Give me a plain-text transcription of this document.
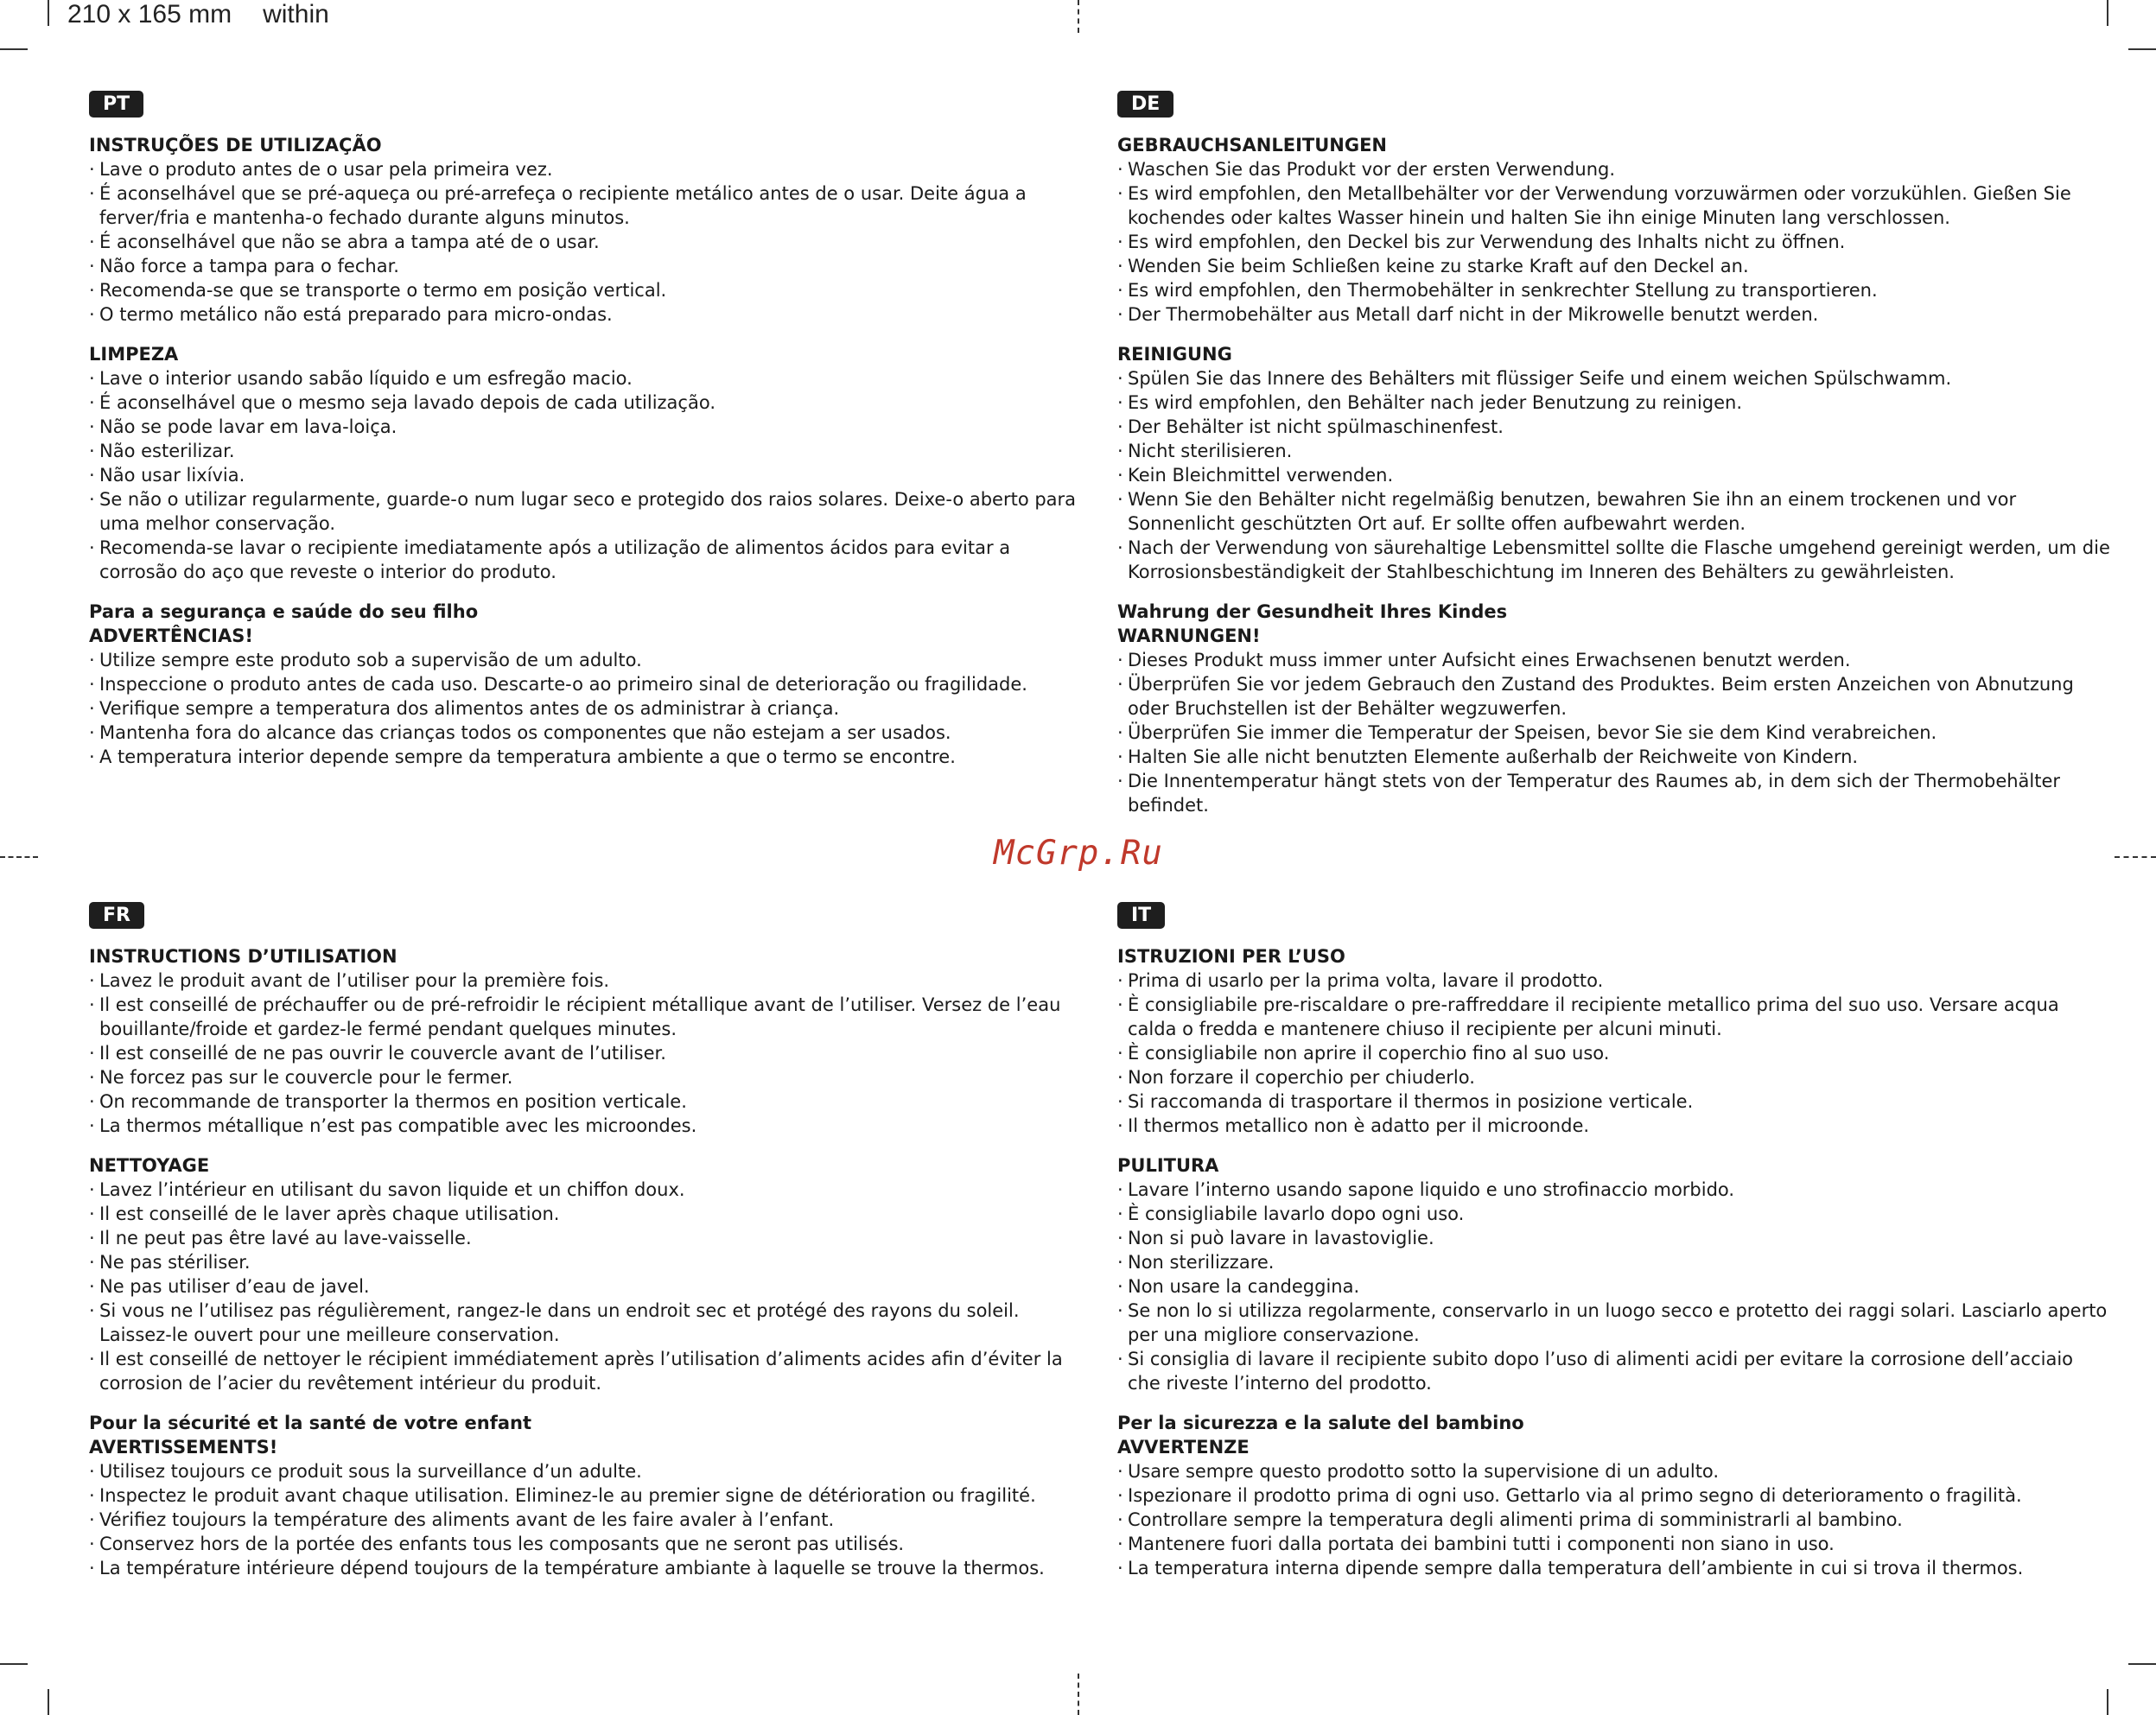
210 x 165 mm within
McGrp.Ru
PT

INSTRUÇÕES DE UTILIZAÇÃO

· Lave o produto antes de o usar pela primeira vez.
· É aconselhável que se pré-aqueça ou pré-arrefeça o recipiente metálico antes de o usar. Deite água a ferver/fria e mantenha-o fechado durante alguns minutos.
· É aconselhável que não se abra a tampa até de o usar.
· Não force a tampa para o fechar.
· Recomenda-se que se transporte o termo em posição vertical.
· O termo metálico não está preparado para micro-ondas.

LIMPEZA

· Lave o interior usando sabão líquido e um esfregão macio.
· É aconselhável que o mesmo seja lavado depois de cada utilização.
· Não se pode lavar em lava-loiça.
· Não esterilizar.
· Não usar lixívia.
· Se não o utilizar regularmente, guarde-o num lugar seco e protegido dos raios solares. Deixe-o aberto para uma melhor conservação.
· Recomenda-se lavar o recipiente imediatamente após a utilização de alimentos ácidos para evitar a corrosão do aço que reveste o interior do produto.

Para a segurança e saúde do seu filho

ADVERTÊNCIAS!

· Utilize sempre este produto sob a supervisão de um adulto.
· Inspeccione o produto antes de cada uso. Descarte-o ao primeiro sinal de deterioração ou fragilidade.
· Verifique sempre a temperatura dos alimentos antes de os administrar à criança.
· Mantenha fora do alcance das crianças todos os componentes que não estejam a ser usados.
· A temperatura interior depende sempre da temperatura ambiente a que o termo se encontre.
DE

GEBRAUCHSANLEITUNGEN

· Waschen Sie das Produkt vor der ersten Verwendung.
· Es wird empfohlen, den Metallbehälter vor der Verwendung vorzuwärmen oder vorzukühlen. Gießen Sie kochendes oder kaltes Wasser hinein und halten Sie ihn einige Minuten lang verschlossen.
· Es wird empfohlen, den Deckel bis zur Verwendung des Inhalts nicht zu öffnen.
· Wenden Sie beim Schließen keine zu starke Kraft auf den Deckel an.
· Es wird empfohlen, den Thermobehälter in senkrechter Stellung zu transportieren.
· Der Thermobehälter aus Metall darf nicht in der Mikrowelle benutzt werden.

REINIGUNG

· Spülen Sie das Innere des Behälters mit flüssiger Seife und einem weichen Spülschwamm.
· Es wird empfohlen, den Behälter nach jeder Benutzung zu reinigen.
· Der Behälter ist nicht spülmaschinenfest.
· Nicht sterilisieren.
· Kein Bleichmittel verwenden.
· Wenn Sie den Behälter nicht regelmäßig benutzen, bewahren Sie ihn an einem trockenen und vor Sonnenlicht geschützten Ort auf. Er sollte offen aufbewahrt werden.
· Nach der Verwendung von säurehaltige Lebensmittel sollte die Flasche umgehend gereinigt werden, um die Korrosionsbeständigkeit der Stahlbeschichtung im Inneren des Behälters zu gewährleisten.

Wahrung der Gesundheit Ihres Kindes

WARNUNGEN!

· Dieses Produkt muss immer unter Aufsicht eines Erwachsenen benutzt werden.
· Überprüfen Sie vor jedem Gebrauch den Zustand des Produktes. Beim ersten Anzeichen von Abnutzung oder Bruchstellen ist der Behälter wegzuwerfen.
· Überprüfen Sie immer die Temperatur der Speisen, bevor Sie sie dem Kind verabreichen.
· Halten Sie alle nicht benutzten Elemente außerhalb der Reichweite von Kindern.
· Die Innentemperatur hängt stets von der Temperatur des Raumes ab, in dem sich der Thermobehälter befindet.
FR

INSTRUCTIONS D’UTILISATION

· Lavez le produit avant de l’utiliser pour la première fois.
· Il est conseillé de préchauffer ou de pré-refroidir le récipient métallique avant de l’utiliser. Versez de l’eau bouillante/froide et gardez-le fermé pendant quelques minutes.
· Il est conseillé de ne pas ouvrir le couvercle avant de l’utiliser.
· Ne forcez pas sur le couvercle pour le fermer.
· On recommande de transporter la thermos en position verticale.
· La thermos métallique n’est pas compatible avec les microondes.

NETTOYAGE

· Lavez l’intérieur en utilisant du savon liquide et un chiffon doux.
· Il est conseillé de le laver après chaque utilisation.
· Il ne peut pas être lavé au lave-vaisselle.
· Ne pas stériliser.
· Ne pas utiliser d’eau de javel.
· Si vous ne l’utilisez pas régulièrement, rangez-le dans un endroit sec et protégé des rayons du soleil. Laissez-le ouvert pour une meilleure conservation.
· Il est conseillé de nettoyer le récipient immédiatement après l’utilisation d’aliments acides afin d’éviter la corrosion de l’acier du revêtement intérieur du produit.

Pour la sécurité et la santé de votre enfant

AVERTISSEMENTS!

· Utilisez toujours ce produit sous la surveillance d’un adulte.
· Inspectez le produit avant chaque utilisation. Eliminez-le au premier signe de détérioration ou fragilité.
· Vérifiez toujours la température des aliments avant de les faire avaler à l’enfant.
· Conservez hors de la portée des enfants tous les composants que ne seront pas utilisés.
· La température intérieure dépend toujours de la température ambiante à laquelle se trouve la thermos.
IT

ISTRUZIONI PER L’USO

· Prima di usarlo per la prima volta, lavare il prodotto.
· È consigliabile pre-riscaldare o pre-raffreddare il recipiente metallico prima del suo uso. Versare acqua calda o fredda e mantenere chiuso il recipiente per alcuni minuti.
· È consigliabile non aprire il coperchio fino al suo uso.
· Non forzare il coperchio per chiuderlo.
· Si raccomanda di trasportare il thermos in posizione verticale.
· Il thermos metallico non è adatto per il microonde.

PULITURA

· Lavare l’interno usando sapone liquido e uno strofinaccio morbido.
· È consigliabile lavarlo dopo ogni uso.
· Non si può lavare in lavastoviglie.
· Non sterilizzare.
· Non usare la candeggina.
· Se non lo si utilizza regolarmente, conservarlo in un luogo secco e protetto dei raggi solari. Lasciarlo aperto per una migliore conservazione.
· Si consiglia di lavare il recipiente subito dopo l’uso di alimenti acidi per evitare la corrosione dell’acciaio che riveste l’interno del prodotto.

Per la sicurezza e la salute del bambino

AVVERTENZE

· Usare sempre questo prodotto sotto la supervisione di un adulto.
· Ispezionare il prodotto prima di ogni uso. Gettarlo via al primo segno di deterioramento o fragilità.
· Controllare sempre la temperatura degli alimenti prima di somministrarli al bambino.
· Mantenere fuori dalla portata dei bambini tutti i componenti non siano in uso.
· La temperatura interna dipende sempre dalla temperatura dell’ambiente in cui si trova il thermos.
